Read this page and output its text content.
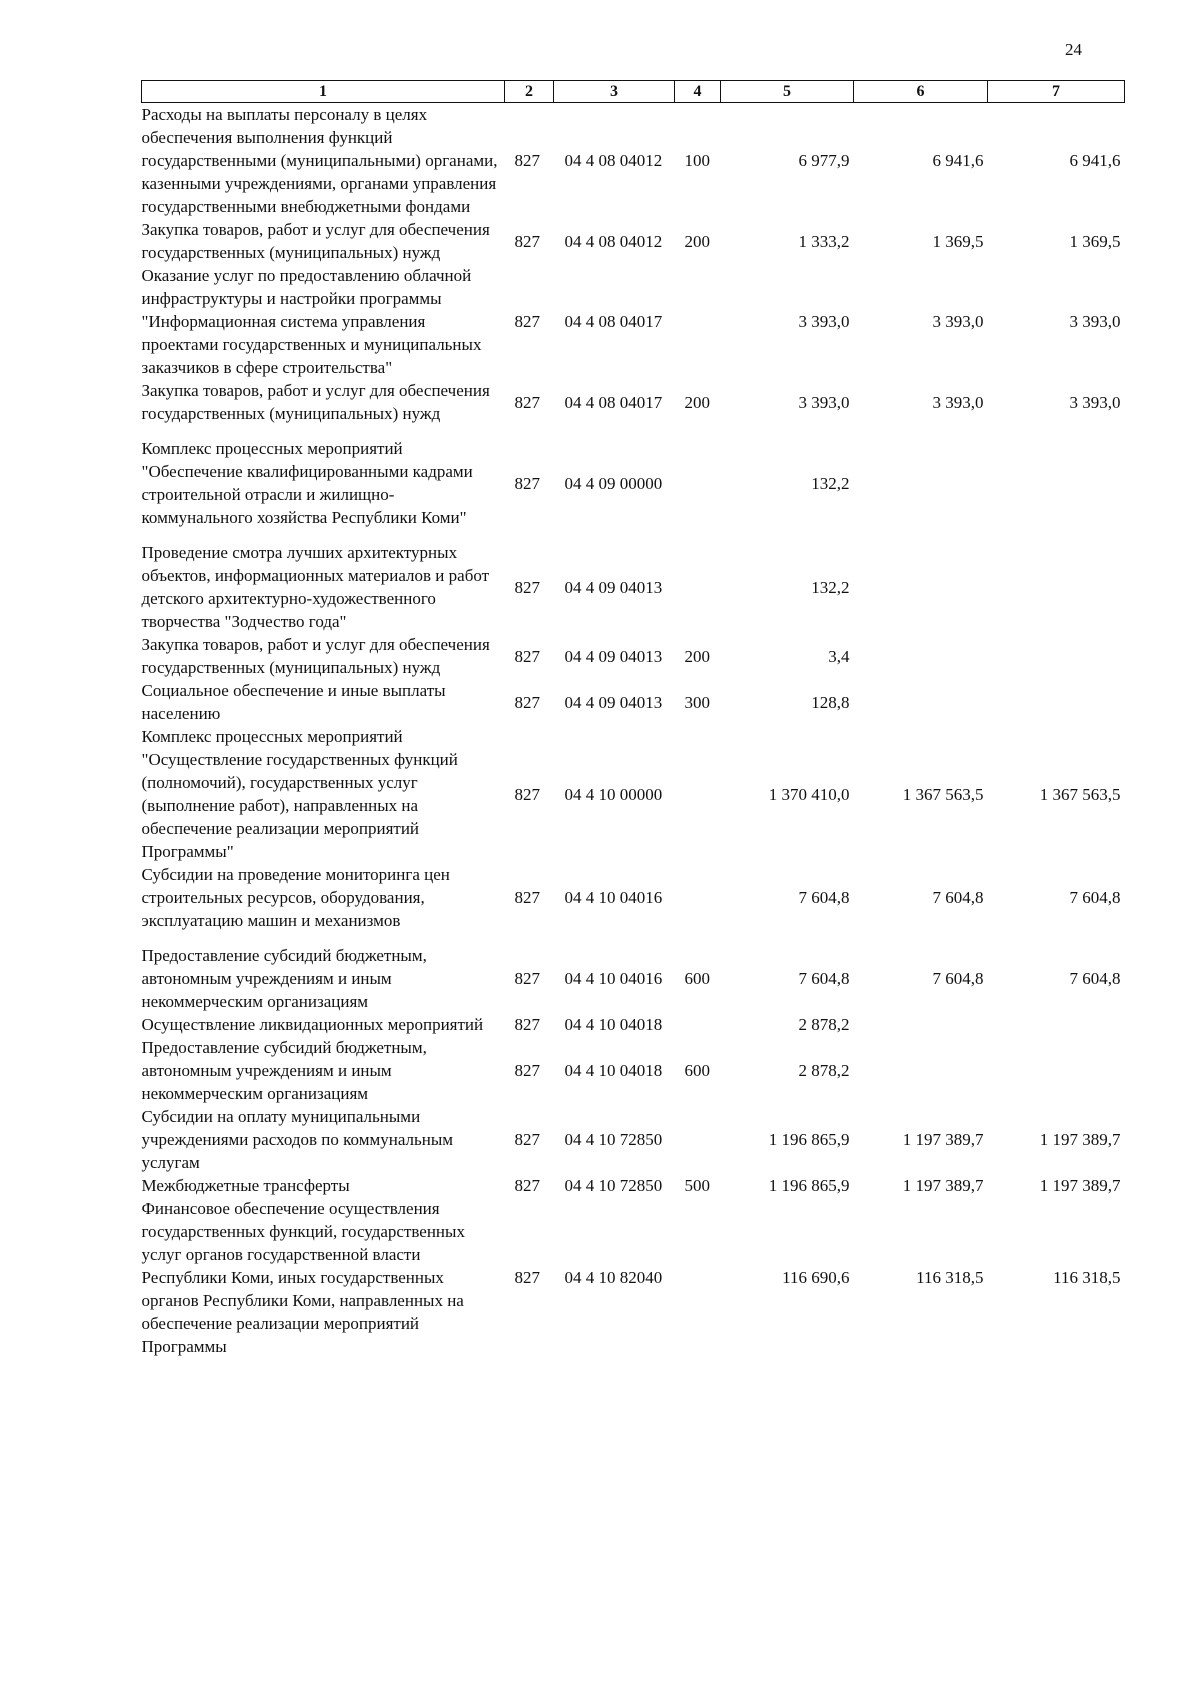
24
1	2	3	4	5	6	7
Расходы на выплаты персоналу в целях обеспечения выполнения функций государственными (муниципальными) органами, казенными учреждениями, органами управления государственными внебюджетными фондами	827	04 4 08 04012	100	6 977,9	6 941,6	6 941,6
Закупка товаров, работ и услуг для обеспечения государственных (муниципальных) нужд	827	04 4 08 04012	200	1 333,2	1 369,5	1 369,5
Оказание услуг по предоставлению облачной инфраструктуры и настройки программы "Информационная система управления проектами государственных и муниципальных заказчиков в сфере строительства"	827	04 4 08 04017		3 393,0	3 393,0	3 393,0
Закупка товаров, работ и услуг для обеспечения государственных (муниципальных) нужд	827	04 4 08 04017	200	3 393,0	3 393,0	3 393,0
Комплекс процессных мероприятий "Обеспечение квалифицированными кадрами строительной отрасли и жилищно-коммунального хозяйства Республики Коми"	827	04 4 09 00000		132,2		
Проведение смотра лучших архитектурных объектов, информационных материалов и работ детского архитектурно-художественного творчества "Зодчество года"	827	04 4 09 04013		132,2		
Закупка товаров, работ и услуг для обеспечения государственных (муниципальных) нужд	827	04 4 09 04013	200	3,4		
Социальное обеспечение и иные выплаты населению	827	04 4 09 04013	300	128,8		
Комплекс процессных мероприятий "Осуществление государственных функций (полномочий), государственных услуг (выполнение работ), направленных на обеспечение реализации мероприятий Программы"	827	04 4 10 00000		1 370 410,0	1 367 563,5	1 367 563,5
Субсидии на проведение мониторинга цен строительных ресурсов, оборудования, эксплуатацию машин и механизмов	827	04 4 10 04016		7 604,8	7 604,8	7 604,8
Предоставление субсидий бюджетным, автономным учреждениям и иным некоммерческим организациям	827	04 4 10 04016	600	7 604,8	7 604,8	7 604,8
Осуществление ликвидационных мероприятий	827	04 4 10 04018		2 878,2		
Предоставление субсидий бюджетным, автономным учреждениям и иным некоммерческим организациям	827	04 4 10 04018	600	2 878,2		
Субсидии на оплату муниципальными учреждениями расходов по коммунальным услугам	827	04 4 10 72850		1 196 865,9	1 197 389,7	1 197 389,7
Межбюджетные трансферты	827	04 4 10 72850	500	1 196 865,9	1 197 389,7	1 197 389,7
Финансовое обеспечение осуществления государственных функций, государственных услуг органов государственной власти Республики Коми, иных государственных органов Республики Коми, направленных на обеспечение реализации мероприятий Программы	827	04 4 10 82040		116 690,6	116 318,5	116 318,5
